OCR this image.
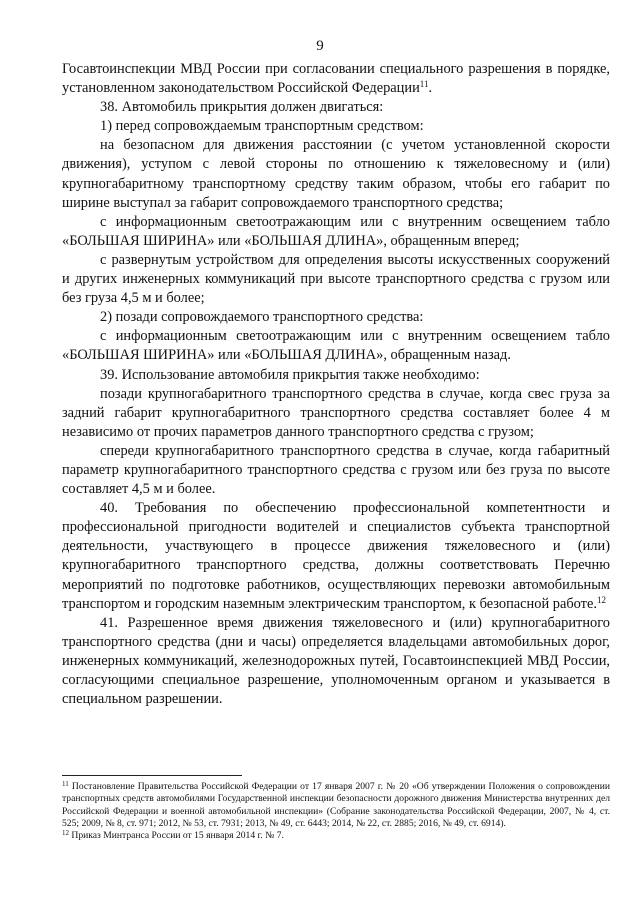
9

Госавтоинспекции МВД России при согласовании специального разрешения в порядке, установленном законодательством Российской Федерации$^{11}$.

38. Автомобиль прикрытия должен двигаться:

1) перед сопровождаемым транспортным средством:

на безопасном для движения расстоянии (с учетом установленной скорости движения), уступом с левой стороны по отношению к тяжеловесному и (или) крупногабаритному транспортному средству таким образом, чтобы его габарит по ширине выступал за габарит сопровождаемого транспортного средства;

с информационным светоотражающим или с внутренним освещением табло «БОЛЬШАЯ ШИРИНА» или «БОЛЬШАЯ ДЛИНА», обращенным вперед;

с развернутым устройством для определения высоты искусственных сооружений и других инженерных коммуникаций при высоте транспортного средства с грузом или без груза 4,5 м и более;

2) позади сопровождаемого транспортного средства:

с информационным светоотражающим или с внутренним освещением табло «БОЛЬШАЯ ШИРИНА» или «БОЛЬШАЯ ДЛИНА», обращенным назад.

39. Использование автомобиля прикрытия также необходимо:

позади крупногабаритного транспортного средства в случае, когда свес груза за задний габарит крупногабаритного транспортного средства составляет более 4 м независимо от прочих параметров данного транспортного средства с грузом;

спереди крупногабаритного транспортного средства в случае, когда габаритный параметр крупногабаритного транспортного средства с грузом или без груза по высоте составляет 4,5 м и более.

40. Требования по обеспечению профессиональной компетентности и профессиональной пригодности водителей и специалистов субъекта транспортной деятельности, участвующего в процессе движения тяжеловесного и (или) крупногабаритного транспортного средства, должны соответствовать Перечню мероприятий по подготовке работников, осуществляющих перевозки автомобильным транспортом и городским наземным электрическим транспортом, к безопасной работе.$^{12}$

41. Разрешенное время движения тяжеловесного и (или) крупногабаритного транспортного средства (дни и часы) определяется владельцами автомобильных дорог, инженерных коммуникаций, железнодорожных путей, Госавтоинспекцией МВД России, согласующими специальное разрешение, уполномоченным органом и указывается в специальном разрешении.

$^{11}$ Постановление Правительства Российской Федерации от 17 января 2007 г. № 20 «Об утверждении Положения о сопровождении транспортных средств автомобилями Государственной инспекции безопасности дорожного движения Министерства внутренних дел Российской Федерации и военной автомобильной инспекции» (Собрание законодательства Российской Федерации, 2007, № 4, ст. 525; 2009, № 8, ст. 971; 2012, № 53, ст. 7931; 2013, № 49, ст. 6443; 2014, № 22, ст. 2885; 2016, № 49, ст. 6914).

$^{12}$ Приказ Минтранса России от 15 января 2014 г. № 7.
